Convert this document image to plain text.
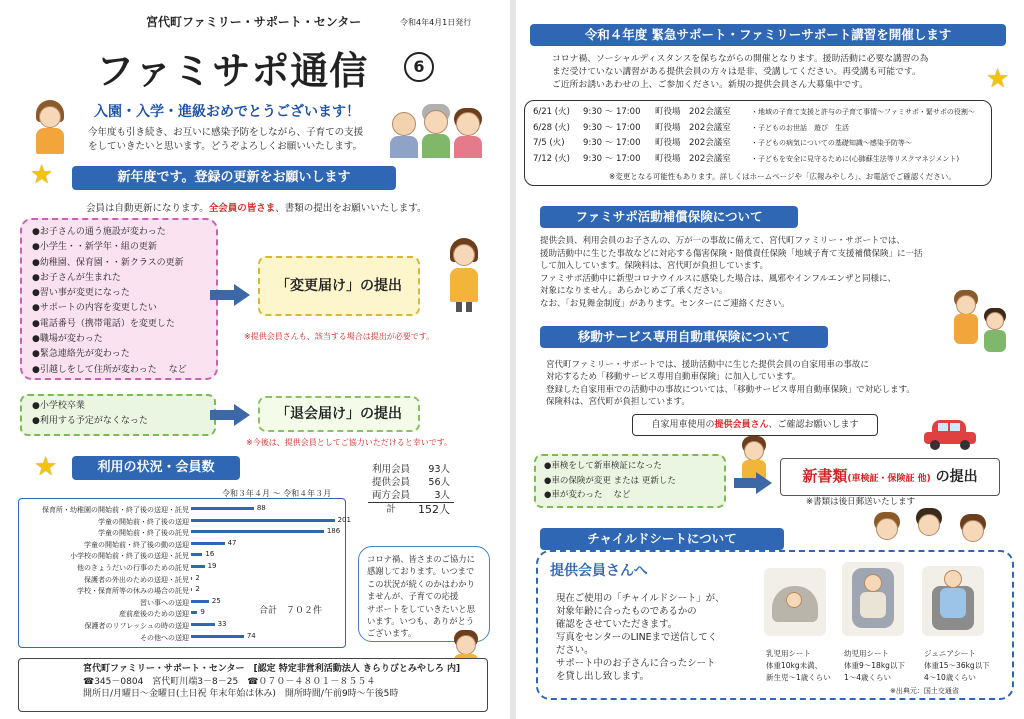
宮代町ファミリー・サポート・センター	令和4年4月1日発行
ファミサポ通信	6
入園・入学・進級おめでとうございます！
今年度も引き続き、お互いに感染予防をしながら、子育ての支援
をしていきたいと思います。どうぞよろしくお願いいたします。
★	新年度です。登録の更新をお願いします
会員は自動更新になります。全会員の皆さま、書類の提出をお願いいたします。
●お子さんの通う施設が変わった
●小学生・・新学年・組の更新
●幼稚園、保育園・・新クラスの更新
●お子さんが生まれた
●習い事が変更になった
●サポートの内容を変更したい
●電話番号（携帯電話）を変更した
●職場が変わった
●緊急連絡先が変わった
●引越しをして住所が変わった　 など
「変更届け」の提出
※提供会員さんも、該当する場合は提出が必要です。
●小学校卒業
●利用する予定がなくなった	「退会届け」の提出
※今後は、提供会員としてご協力いただけると幸いです。
★	利用の状況・会員数	利用会員	93人
提供会員	56人
両方会員	3人
計	152人
令和３年４月 ～ 令和４年３月
保育所・幼稚園の開始前・終了後の送迎・託児	88
学童の開始前・終了後の送迎	201
学童の開始前・終了後の託児	186
学童の開始前・終了後の動の送迎	47
小学校の開始前・終了後の送迎・託児 16
他のきょうだいの行事のための託児	19
保護者の外出のための送迎・託児 2
学校・保育所等の休みの場合の託児 2
習い事への送迎	25
産前産後のための送迎 9
保護者のリフレッシュの時の送迎	33
その他への送迎	74
合計　７０２件
コロナ禍、皆さまのご協力に
感謝しております。いつまで
この状況が続くのかはわかり
ませんが、子育ての応援
サポートをしていきたいと思
います。いつも、ありがとう
ございます。
宮代町ファミリー・サポート・センター　[認定 特定非営利活動法人 きらりびとみやしろ 内]
☎345－0804　宮代町川端3－8－25　☎０７０－４８０１－８５５４
開所日/月曜日～金曜日(土日祝 年末年始は休み)　開所時間/午前9時～午後5時
令和４年度 緊急サポート・ファミリーサポート講習を開催します
★
コロナ禍、ソーシャルディスタンスを保ちながらの開催となります。援助活動に必要な講習の為
まだ受けていない講習がある提供会員の方々は是非、受講してください。再受講も可能です。
ご近所お誘いあわせの上、ご参加ください。新規の提供会員さん大募集中です。
6/21 (火)	9:30 ～ 17:00	町役場　202会議室	・地域の子育て支援と許与の子育て事情～ファミサポ・緊サポの役割～
6/28 (火)	9:30 ～ 17:00	町役場　202会議室	・子どものお世話　遊び　生活
7/5 (火)	9:30 ～ 17:00	町役場　202会議室	・子どもの病気についての基礎知識～感染予防等～
7/12 (火)	9:30 ～ 17:00	町役場　202会議室	・子どもを安全に見守るために(心肺蘇生法等リスクマネジメント)
※変更となる可能性もあります。詳しくはホームページや「広報みやしろ」、お電話でご確認ください。
ファミサポ活動補償保険について
提供会員、利用会員のお子さんの、万が一の事故に備えて、宮代町ファミリー・サポートでは、
援助活動中に生じた事故などに対応する傷害保険・賠償責任保険「地域子育て支援補償保険」に一括
して加入しています。保険料は、宮代町が負担しています。
ファミサポ活動中に新型コロナウイルスに感染した場合は、風邪やインフルエンザと同様に、
対象になりません。あらかじめご了承ください。
なお、「お見舞金制度」があります。センターにご連絡ください。
移動サービス専用自動車保険について
宮代町ファミリー・サポートでは、援助活動中に生じた提供会員の自家用車の事故に
対応するため「移動サービス専用自動車保険」に加入しています。
登録した自家用車での活動中の事故については、「移動サービス専用自動車保険」で対応します。
保険料は、宮代町が負担しています。
自家用車使用の提供会員さん、ご確認お願いします
●車検をして新車検証になった
●車の保険が変更 または 更新した
●車が変わった　 など
新書類(車検証・保険証 他) の提出
※書類は後日郵送いたします
チャイルドシートについて
提供会員さんへ
現在ご使用の「チャイルドシート」が、
対象年齢に合ったものであるかの
確認をさせていただきます。
写真をセンターのLINEまで送信してく
ださい。
サポート中のお子さんに合ったシート
を貸し出し致します。
乳児用シート
体重10kg未満、
新生児～1歳くらい
幼児用シート
体重9～18kg以下
1～4歳くらい
ジュニアシート
体重15～36kg以下
4～10歳くらい
※出典元：国土交通省
